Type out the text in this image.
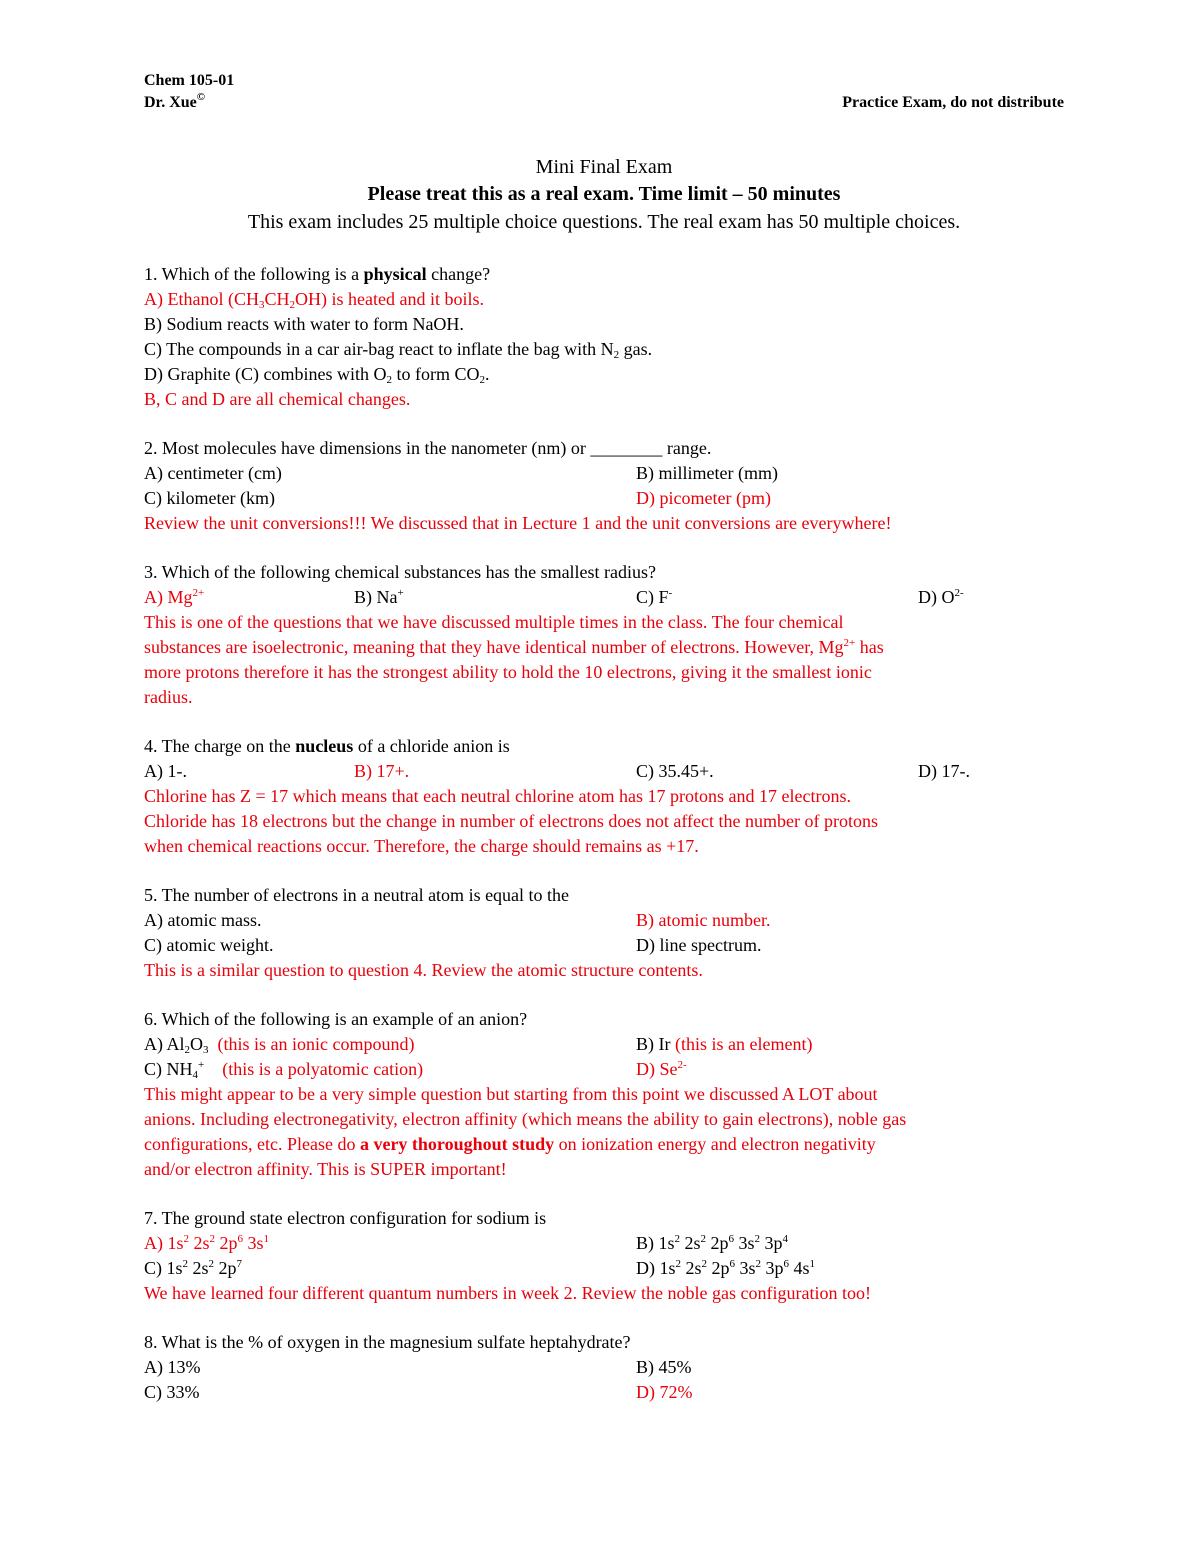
Chem 105-01
Dr. Xue©	Practice Exam, do not distribute
Mini Final Exam
Please treat this as a real exam. Time limit – 50 minutes
This exam includes 25 multiple choice questions. The real exam has 50 multiple choices.
1. Which of the following is a physical change?
A) Ethanol $(CH_3CH_2OH)$ is heated and it boils.
B) Sodium reacts with water to form NaOH.
C) The compounds in a car air-bag react to inflate the bag with $N_2$ gas.
D) Graphite (C) combines with $O_2$ to form $CO_2$.
B, C and D are all chemical changes.
2. Most molecules have dimensions in the nanometer (nm) or ________ range.
A) centimeter (cm)	B) millimeter (mm)
C) kilometer (km)	D) picometer (pm)
Review the unit conversions!!! We discussed that in Lecture 1 and the unit conversions are everywhere!
3. Which of the following chemical substances has the smallest radius?
A) $Mg^{2+}$	B) Na+	C) F-	D) $O^{2-}$
This is one of the questions that we have discussed multiple times in the class. The four chemical
substances are isoelectronic, meaning that they have identical number of electrons. However, $Mg^{2+}$ has
more protons therefore it has the strongest ability to hold the 10 electrons, giving it the smallest ionic
radius.
4. The charge on the nucleus of a chloride anion is
A) 1-.	B) 17+.	C) 35.45+.	D) 17-.
Chlorine has Z = 17 which means that each neutral chlorine atom has 17 protons and 17 electrons.
Chloride has 18 electrons but the change in number of electrons does not affect the number of protons
when chemical reactions occur. Therefore, the charge should remains as +17.
5. The number of electrons in a neutral atom is equal to the
A) atomic mass.	B) atomic number.
C) atomic weight.	D) line spectrum.
This is a similar question to question 4. Review the atomic structure contents.
6. Which of the following is an example of an anion?
A) $Al_2O_3$  (this is an ionic compound)	B) Ir (this is an element)
C) $NH_4^+$    (this is a polyatomic cation)	D) $Se^{2-}$
This might appear to be a very simple question but starting from this point we discussed A LOT about
anions. Including electronegativity, electron affinity (which means the ability to gain electrons), noble gas
configurations, etc. Please do a very thoroughout study on ionization energy and electron negativity
and/or electron affinity. This is SUPER important!
7. The ground state electron configuration for sodium is
A) $1s^2$ $2s^2$ $2p^6$ $3s^1$	B) $1s^2$ $2s^2$ $2p^6$ $3s^2$ $3p^4$
C) $1s^2$ $2s^2$ $2p^7$	D) $1s^2$ $2s^2$ $2p^6$ $3s^2$ $3p^6$ $4s^1$
We have learned four different quantum numbers in week 2. Review the noble gas configuration too!
8. What is the % of oxygen in the magnesium sulfate heptahydrate?
A) 13%	B) 45%
C) 33%	D) 72%
